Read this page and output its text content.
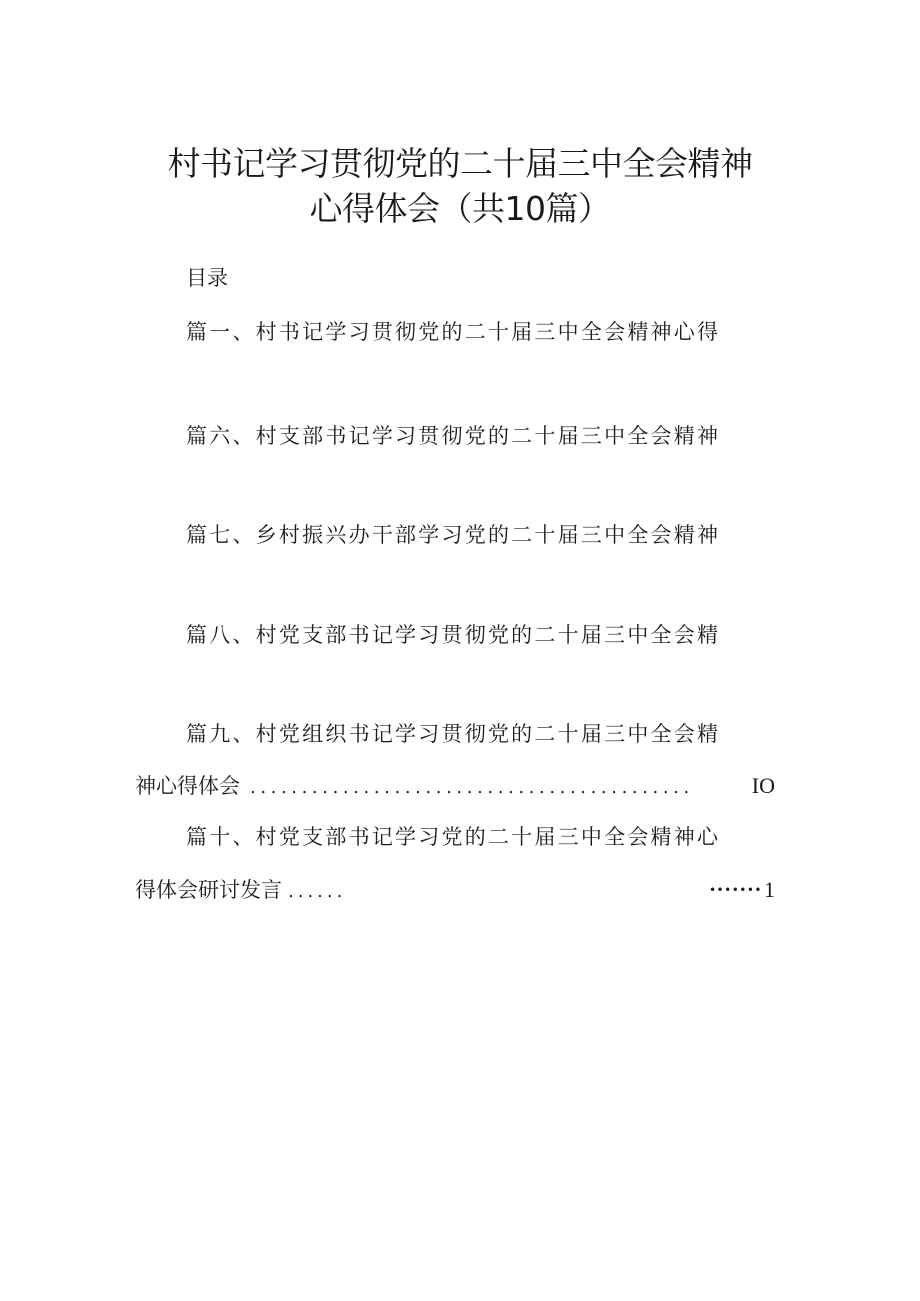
村书记学习贯彻党的二十届三中全会精神
心得体会（共10篇）
目录
篇一、村书记学习贯彻党的二十届三中全会精神心得
篇六、村支部书记学习贯彻党的二十届三中全会精神
篇七、乡村振兴办干部学习党的二十届三中全会精神
篇八、村党支部书记学习贯彻党的二十届三中全会精
篇九、村党组织书记学习贯彻党的二十届三中全会精
神心得体会 ...........................................	IO
篇十、村党支部书记学习党的二十届三中全会精神心
得体会研讨发言 ......	••••••• 1
